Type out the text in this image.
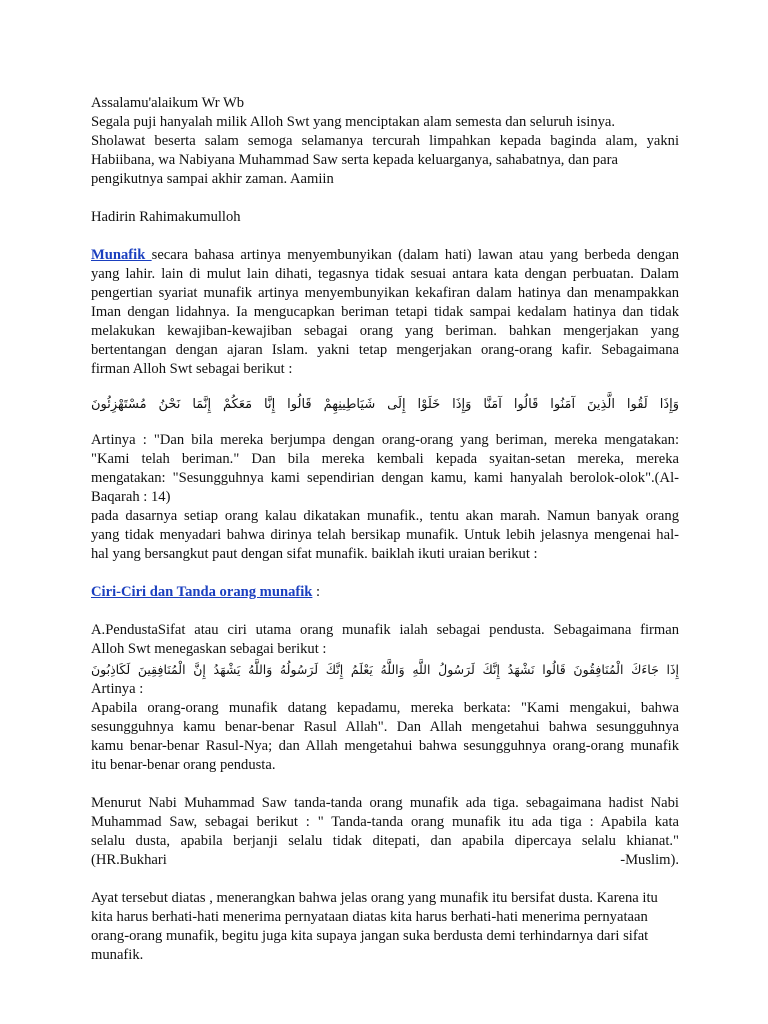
Assalamu'alaikum Wr Wb
Segala puji hanyalah milik Alloh Swt yang menciptakan alam semesta dan seluruh isinya.
Sholawat beserta salam semoga selamanya tercurah limpahkan kepada baginda alam, yakni
Habiibana, wa Nabiyana Muhammad Saw serta kepada keluarganya, sahabatnya, dan para
pengikutnya sampai akhir zaman. Aamiin
Hadirin Rahimakumulloh
Munafik secara bahasa artinya menyembunyikan (dalam hati) lawan atau yang berbeda dengan
yang lahir. lain di mulut lain dihati, tegasnya tidak sesuai antara kata dengan perbuatan. Dalam
pengertian syariat munafik artinya menyembunyikan kekafiran dalam hatinya dan menampakkan
Iman dengan lidahnya. Ia mengucapkan beriman tetapi tidak sampai kedalam hatinya dan tidak
melakukan kewajiban-kewajiban sebagai orang yang beriman. bahkan mengerjakan yang
bertentangan dengan ajaran Islam. yakni tetap mengerjakan orang-orang kafir. Sebagaimana
firman Alloh Swt sebagai berikut :
وَإِذَا لَقُوا الَّذِينَ آمَنُوا قَالُوا آمَنَّا وَإِذَا خَلَوْا إِلَى شَيَاطِينِهِمْ قَالُوا إِنَّا مَعَكُمْ إِنَّمَا نَحْنُ مُسْتَهْزِئُونَ
Artinya : "Dan bila mereka berjumpa dengan orang-orang yang beriman, mereka mengatakan:
"Kami telah beriman." Dan bila mereka kembali kepada syaitan-setan mereka, mereka
mengatakan: "Sesungguhnya kami sependirian dengan kamu, kami hanyalah berolok-olok".(Al-
Baqarah : 14)
pada dasarnya setiap orang kalau dikatakan munafik., tentu akan marah. Namun banyak orang
yang tidak menyadari bahwa dirinya telah bersikap munafik. Untuk lebih jelasnya mengenai hal-
hal yang bersangkut paut dengan sifat munafik. baiklah ikuti uraian berikut :
Ciri-Ciri dan Tanda orang munafik :
A.PendustaSifat atau ciri utama orang munafik ialah sebagai pendusta. Sebagaimana firman
Alloh Swt menegaskan sebagai berikut :
إِذَا جَاءَكَ الْمُنَافِقُونَ قَالُوا نَشْهَدُ إِنَّكَ لَرَسُولُ اللَّهِ وَاللَّهُ يَعْلَمُ إِنَّكَ لَرَسُولُهُ وَاللَّهُ يَشْهَدُ إِنَّ الْمُنَافِقِينَ لَكَاذِبُونَ
Artinya :
Apabila orang-orang munafik datang kepadamu, mereka berkata: "Kami mengakui, bahwa
sesungguhnya kamu benar-benar Rasul Allah". Dan Allah mengetahui bahwa sesungguhnya
kamu benar-benar Rasul-Nya; dan Allah mengetahui bahwa sesungguhnya orang-orang munafik
itu benar-benar orang pendusta.
Menurut Nabi Muhammad Saw tanda-tanda orang munafik ada tiga. sebagaimana hadist Nabi
Muhammad Saw, sebagai berikut : " Tanda-tanda orang munafik itu ada tiga : Apabila kata
selalu dusta, apabila berjanji selalu tidak ditepati, dan apabila dipercaya selalu khianat."
(HR.Bukhari	-Muslim).
Ayat tersebut diatas , menerangkan bahwa jelas orang yang munafik itu bersifat dusta. Karena itu
kita harus berhati-hati menerima pernyataan diatas kita harus berhati-hati menerima pernyataan
orang-orang munafik, begitu juga kita supaya jangan suka berdusta demi terhindarnya dari sifat
munafik.
